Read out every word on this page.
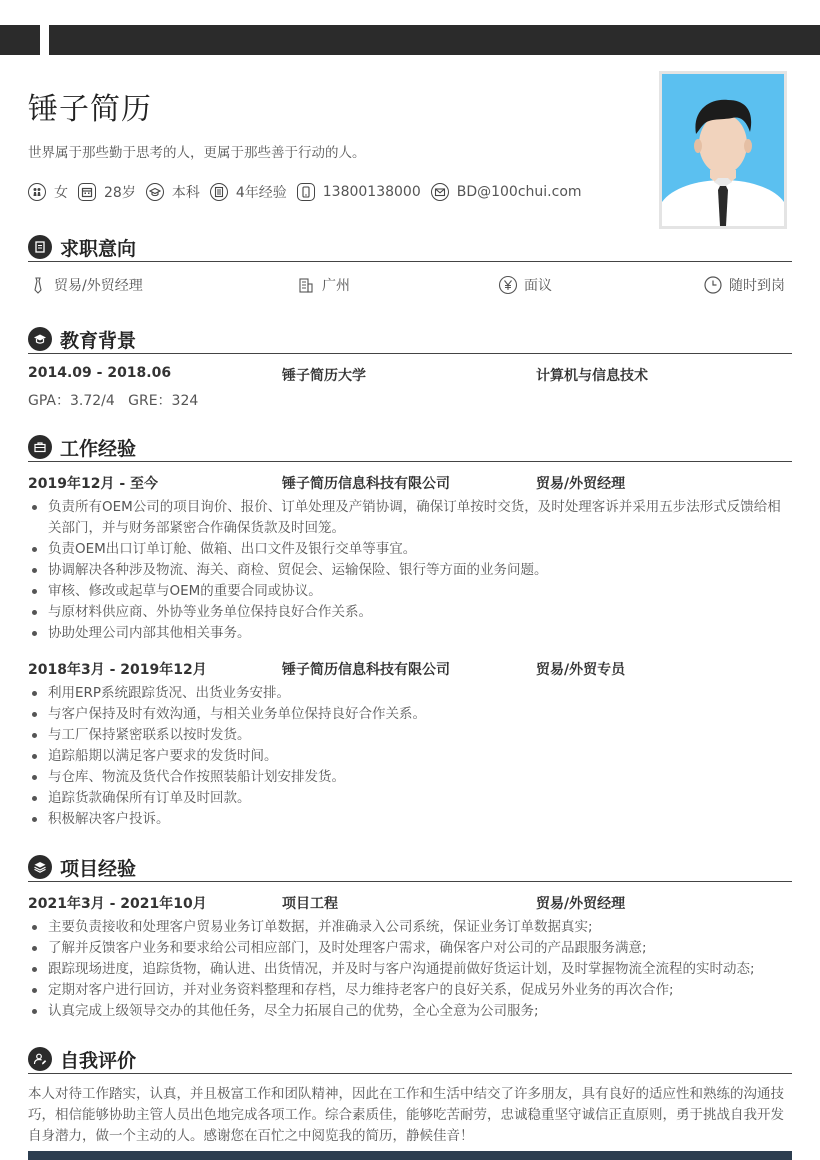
锤子简历
世界属于那些勤于思考的人，更属于那些善于行动的人。
女	28岁	本科	4年经验	13800138000	BD@100chui.com
求职意向
贸易/外贸经理	广州	面议	随时到岗
教育背景
2014.09 - 2018.06	锤子简历大学	计算机与信息技术
GPA：3.72/4   GRE：324
工作经验
2019年12月 - 至今	锤子简历信息科技有限公司	贸易/外贸经理
负责所有OEM公司的项目询价、报价、订单处理及产销协调，确保订单按时交货，及时处理客诉并采用五步法形式反馈给相关部门，并与财务部紧密合作确保货款及时回笼。
负责OEM出口订单订舱、做箱、出口文件及银行交单等事宜。
协调解决各种涉及物流、海关、商检、贸促会、运输保险、银行等方面的业务问题。
审核、修改或起草与OEM的重要合同或协议。
与原材料供应商、外协等业务单位保持良好合作关系。
协助处理公司内部其他相关事务。
2018年3月 - 2019年12月	锤子简历信息科技有限公司	贸易/外贸专员
利用ERP系统跟踪货况、出货业务安排。
与客户保持及时有效沟通，与相关业务单位保持良好合作关系。
与工厂保持紧密联系以按时发货。
追踪船期以满足客户要求的发货时间。
与仓库、物流及货代合作按照装船计划安排发货。
追踪货款确保所有订单及时回款。
积极解决客户投诉。
项目经验
2021年3月 - 2021年10月	项目工程	贸易/外贸经理
主要负责接收和处理客户贸易业务订单数据，并准确录入公司系统，保证业务订单数据真实;
了解并反馈客户业务和要求给公司相应部门，及时处理客户需求，确保客户对公司的产品跟服务满意;
跟踪现场进度，追踪货物，确认进、出货情况，并及时与客户沟通提前做好货运计划，及时掌握物流全流程的实时动态;
定期对客户进行回访，并对业务资料整理和存档，尽力维持老客户的良好关系，促成另外业务的再次合作;
认真完成上级领导交办的其他任务，尽全力拓展自己的优势，全心全意为公司服务;
自我评价
本人对待工作踏实，认真，并且极富工作和团队精神，因此在工作和生活中结交了许多朋友，具有良好的适应性和熟练的沟通技巧，相信能够协助主管人员出色地完成各项工作。综合素质佳，能够吃苦耐劳，忠诚稳重坚守诚信正直原则，勇于挑战自我开发自身潜力，做一个主动的人。感谢您在百忙之中阅览我的简历，静候佳音！
